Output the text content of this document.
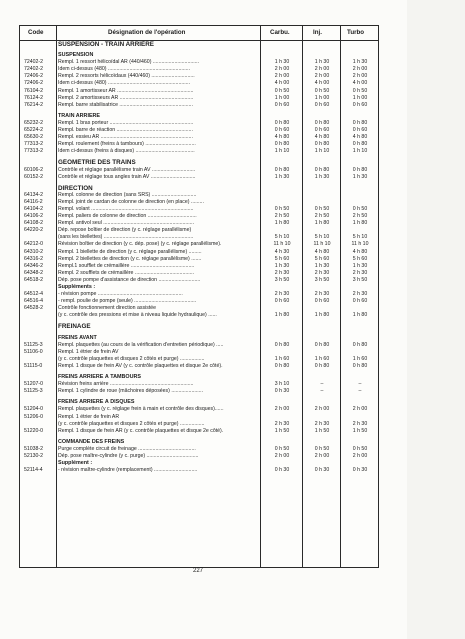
Code	Désignation de l'opération	Carbu.	Inj.	Turbo
SUSPENSION - TRAIN ARRIÈRE
SUSPENSION
72402-2	Rempl. 1 ressort hélicoïdal AR (440/460) ................................	1 h 30	1 h 30	1 h 30
72402-2	Idem ci-dessus (480) .........................................................	2 h 00	2 h 00	2 h 00
72406-2	Rempl. 2 ressorts hélicoïdaux (440/460) ..............................	2 h 00	2 h 00	2 h 00
72406-2	Idem ci-dessus (480) .........................................................	4 h 00	4 h 00	4 h 00
76104-2	Rempl. 1 amortisseur AR .....................................................	0 h 50	0 h 50	0 h 50
76124-2	Rempl. 2 amortisseurs AR ...................................................	1 h 00	1 h 00	1 h 00
76214-2	Rempl. barre stabilisatrice ...................................................	0 h 60	0 h 60	0 h 60
TRAIN ARRIÈRE
65232-2	Rempl. 1 bras porteur ..........................................................	0 h 80	0 h 80	0 h 80
65224-2	Rempl. barre de réaction .....................................................	0 h 60	0 h 60	0 h 60
65630-2	Rempl. essieu AR ................................................................	4 h 80	4 h 80	4 h 80
77313-2	Rempl. roulement (freins à tambours) ...................................	0 h 80	0 h 80	0 h 80
77313-2	Idem ci-dessus (freins à disques) .........................................	1 h 10	1 h 10	1 h 10
GÉOMÉTRIE DES TRAINS
60106-2	Contrôle et réglage parallélisme train AV ..............................	0 h 80	0 h 80	0 h 80
60152-2	Contrôle et réglage tous angles train AV ...............................	1 h 30	1 h 30	1 h 30
DIRECTION
64134-2	Rempl. colonne de direction (sans SRS) ...............................
64116-2	Rempl. joint de cardan de colonne de direction (en place) .........
64104-2	Rempl. volant .......................................................................	0 h 50	0 h 50	0 h 50
64106-2	Rempl. paliers de colonne de direction ..................................	2 h 50	2 h 50	2 h 50
64108-2	Rempl. antivol seul ...............................................................	1 h 80	1 h 80	1 h 80
64220-2	Dép. repose boîtier de direction (y c. réglage parallélisme)
(sans les biellettes) ..............................................................	5 h 10	5 h 10	5 h 10
64212-0	Révision boîtier de direction (y c. dép. pose) (y c. réglage parallélisme).	11 h 10	11 h 10	11 h 10
64310-2	Rempl. 1 biellette de direction (y c. réglage parallélisme) .........	4 h 30	4 h 80	4 h 80
64316-2	Rempl. 2 biellettes de direction (y c. réglage parallélisme) .......	5 h 60	5 h 60	5 h 60
64346-2	Rempl.1 soufflet de crémaillère ............................................	1 h 30	1 h 30	1 h 30
64348-2	Rempl. 2 soufflets de crémaillère .........................................	2 h 30	2 h 30	2 h 30
64518-2	Dép. pose pompe d'assistance de direction .............................	3 h 50	3 h 50	3 h 50
Suppléments :
64512-4	- révision pompe ...........................................................	2 h 30	2 h 30	2 h 30
64516-4	- rempl. poulie de pompe (seule) ...........................................	0 h 60	0 h 60	0 h 60
64528-2	Contrôle fonctionnement direction assistée
(y c. contrôle des pressions et mise à niveau liquide hydraulique) ......	1 h 80	1 h 80	1 h 80
FREINAGE
FREINS AVANT
51125-3	Rempl. plaquettes (au cours de la vérification d'entretien périodique) .....	0 h 80	0 h 80	0 h 80
51106-0	Rempl. 1 étrier de frein AV
(y c. contrôle plaquettes et disques 2 côtés et purge) .................	1 h 60	1 h 60	1 h 60
51115-0	Rempl. 1 disque de frein AV (y c. contrôle plaquettes et disque 2e côté).	0 h 80	0 h 80	0 h 80
FREINS ARRIÈRE À TAMBOURS
51207-0	Révision freins arrière ..........................................................	3 h 10	–	–
51125-3	Rempl. 1 cylindre de roue (mâchoires déposées) ......................	0 h 30	–	–
FREINS ARRIÈRE À DISQUES
51204-0	Rempl. plaquettes (y c. réglage frein à main et contrôle des disques)......	2 h 00	2 h 00	2 h 00
51206-0	Rempl. 1 étrier de frein AR
(y c. contrôle plaquettes et disques 2 côtés et purge) .................	2 h 30	2 h 30	2 h 30
51220-0	Rempl. 1 disque de frein AR (y c. contrôle plaquettes et disque 2e côté).	1 h 50	1 h 50	1 h 50
COMMANDE DES FREINS
51038-2	Purge complète circuit de freinage ........................................	0 h 50	0 h 50	0 h 50
52130-2	Dép. pose maître-cylindre (y c. purge) ....................................	2 h 00	2 h 00	2 h 00
Supplément :
52114-4	- révision maître-cylindre (remplacement) ..............................	0 h 30	0 h 30	0 h 30
227
